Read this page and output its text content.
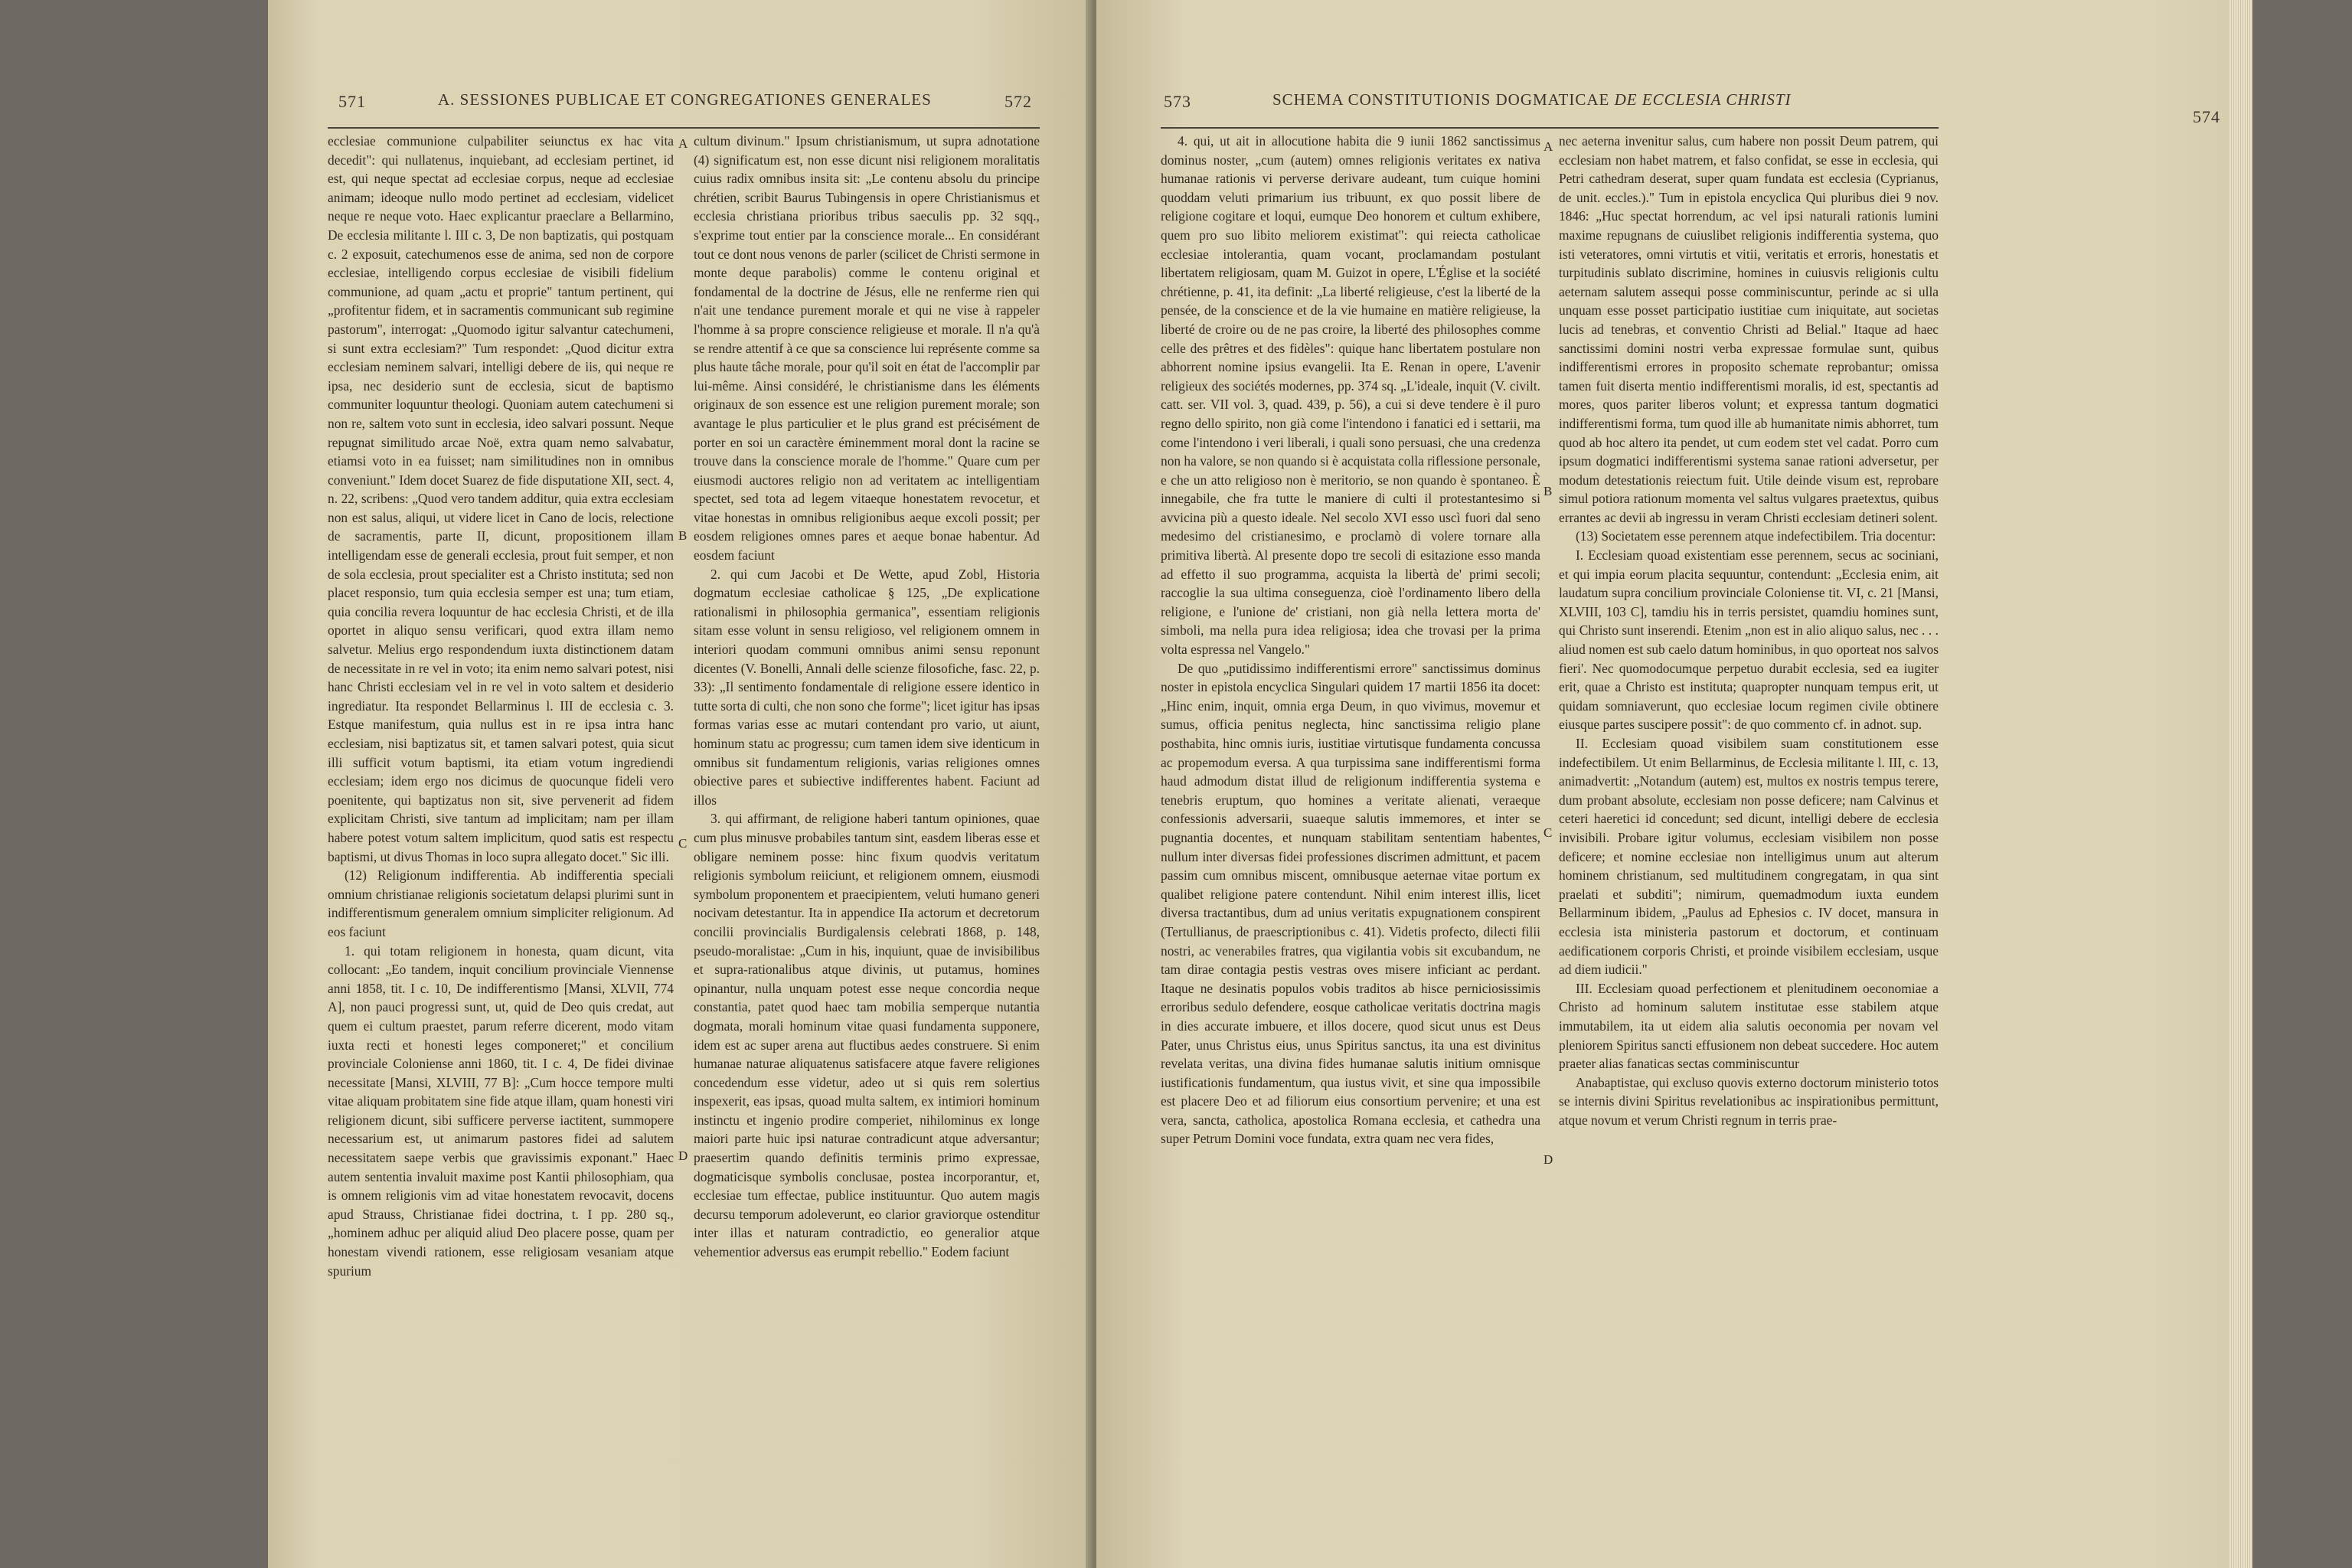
571	A. SESSIONES PUBLICAE ET CONGREGATIONES GENERALES	572

ecclesiae communione culpabiliter seiunctus ex hac vita decedit": qui nullatenus, inquiebant, ad ecclesiam pertinet, id est, qui neque spectat ad ecclesiae corpus, neque ad ecclesiae animam; ideoque nullo modo pertinet ad ecclesiam, videlicet neque re neque voto. Haec explicantur praeclare a Bellarmino, De ecclesia militante l. III c. 3, De non baptizatis, qui postquam c. 2 exposuit, catechumenos esse de anima, sed non de corpore ecclesiae, intelligendo corpus ecclesiae de visibili fidelium communione, ad quam „actu et proprie" tantum pertinent, qui „profitentur fidem, et in sacramentis communicant sub regimine pastorum", interrogat: „Quomodo igitur salvantur catechumeni, si sunt extra ecclesiam?" Tum respondet: „Quod dicitur extra ecclesiam neminem salvari, intelligi debere de iis, qui neque re ipsa, nec desiderio sunt de ecclesia, sicut de baptismo communiter loquuntur theologi. Quoniam autem catechumeni si non re, saltem voto sunt in ecclesia, ideo salvari possunt. Neque repugnat similitudo arcae Noë, extra quam nemo salvabatur, etiamsi voto in ea fuisset; nam similitudines non in omnibus conveniunt." Idem docet Suarez de fide disputatione XII, sect. 4, n. 22, scribens: „Quod vero tandem additur, quia extra ecclesiam non est salus, aliqui, ut videre licet in Cano de locis, relectione de sacramentis, parte II, dicunt, propositionem illam intelligendam esse de generali ecclesia, prout fuit semper, et non de sola ecclesia, prout specialiter est a Christo instituta; sed non placet responsio, tum quia ecclesia semper est una; tum etiam, quia concilia revera loquuntur de hac ecclesia Christi, et de illa oportet in aliquo sensu verificari, quod extra illam nemo salvetur. Melius ergo respondendum iuxta distinctionem datam de necessitate in re vel in voto; ita enim nemo salvari potest, nisi hanc Christi ecclesiam vel in re vel in voto saltem et desiderio ingrediatur. Ita respondet Bellarminus l. III de ecclesia c. 3. Estque manifestum, quia nullus est in re ipsa intra hanc ecclesiam, nisi baptizatus sit, et tamen salvari potest, quia sicut illi sufficit votum baptismi, ita etiam votum ingrediendi ecclesiam; idem ergo nos dicimus de quocunque fideli vero poenitente, qui baptizatus non sit, sive pervenerit ad fidem explicitam Christi, sive tantum ad implicitam; nam per illam habere potest votum saltem implicitum, quod satis est respectu baptismi, ut divus Thomas in loco supra allegato docet." Sic illi.

(12) Religionum indifferentia. Ab indifferentia speciali omnium christianae religionis societatum delapsi plurimi sunt in indifferentismum generalem omnium simpliciter religionum. Ad eos faciunt

1. qui totam religionem in honesta, quam dicunt, vita collocant: „Eo tandem, inquit concilium provinciale Viennense anni 1858, tit. I c. 10, De indifferentismo [Mansi, XLVII, 774 A], non pauci progressi sunt, ut, quid de Deo quis credat, aut quem ei cultum praestet, parum referre dicerent, modo vitam iuxta recti et honesti leges componeret;" et concilium provinciale Coloniense anni 1860, tit. I c. 4, De fidei divinae necessitate [Mansi, XLVIII, 77 B]: „Cum hocce tempore multi vitae aliquam probitatem sine fide atque illam, quam honesti viri religionem dicunt, sibi sufficere perverse iactitent, summopere necessarium est, ut animarum pastores fidei ad salutem necessitatem saepe verbis que gravissimis exponant." Haec autem sententia invaluit maxime post Kantii philosophiam, qua is omnem religionis vim ad vitae honestatem revocavit, docens apud Strauss, Christianae fidei doctrina, t. I pp. 280 sq., „hominem adhuc per aliquid aliud Deo placere posse, quam per honestam vivendi rationem, esse religiosam vesaniam atque spurium

A
B
C
D

cultum divinum." Ipsum christianismum, ut supra adnotatione (4) significatum est, non esse dicunt nisi religionem moralitatis cuius radix omnibus insita sit: „Le contenu absolu du principe chrétien, scribit Baurus Tubingensis in opere Christianismus et ecclesia christiana prioribus tribus saeculis pp. 32 sqq., s'exprime tout entier par la conscience morale... En considérant tout ce dont nous venons de parler (scilicet de Christi sermone in monte deque parabolis) comme le contenu original et fondamental de la doctrine de Jésus, elle ne renferme rien qui n'ait une tendance purement morale et qui ne vise à rappeler l'homme à sa propre conscience religieuse et morale. Il n'a qu'à se rendre attentif à ce que sa conscience lui représente comme sa plus haute tâche morale, pour qu'il soit en état de l'accomplir par lui-même. Ainsi considéré, le christianisme dans les éléments originaux de son essence est une religion purement morale; son avantage le plus particulier et le plus grand est précisément de porter en soi un caractère éminemment moral dont la racine se trouve dans la conscience morale de l'homme." Quare cum per eiusmodi auctores religio non ad veritatem ac intelligentiam spectet, sed tota ad legem vitaeque honestatem revocetur, et vitae honestas in omnibus religionibus aeque excoli possit; per eosdem religiones omnes pares et aeque bonae habentur. Ad eosdem faciunt

2. qui cum Jacobi et De Wette, apud Zobl, Historia dogmatum ecclesiae catholicae § 125, „De explicatione rationalismi in philosophia germanica", essentiam religionis sitam esse volunt in sensu religioso, vel religionem omnem in interiori quodam communi omnibus animi sensu reponunt dicentes (V. Bonelli, Annali delle scienze filosofiche, fasc. 22, p. 33): „Il sentimento fondamentale di religione essere identico in tutte sorta di culti, che non sono che forme"; licet igitur has ipsas formas varias esse ac mutari contendant pro vario, ut aiunt, hominum statu ac progressu; cum tamen idem sive identicum in omnibus sit fundamentum religionis, varias religiones omnes obiective pares et subiective indifferentes habent. Faciunt ad illos

3. qui affirmant, de religione haberi tantum opiniones, quae cum plus minusve probabiles tantum sint, easdem liberas esse et obligare neminem posse: hinc fixum quodvis veritatum religionis symbolum reiiciunt, et religionem omnem, eiusmodi symbolum proponentem et praecipientem, veluti humano generi nocivam detestantur. Ita in appendice IIa actorum et decretorum concilii provincialis Burdigalensis celebrati 1868, p. 148, pseudo-moralistae: „Cum in his, inquiunt, quae de invisibilibus et supra-rationalibus atque divinis, ut putamus, homines opinantur, nulla unquam potest esse neque concordia neque constantia, patet quod haec tam mobilia semperque nutantia dogmata, morali hominum vitae quasi fundamenta supponere, idem est ac super arena aut fluctibus aedes construere. Si enim humanae naturae aliquatenus satisfacere atque favere religiones concedendum esse videtur, adeo ut si quis rem solertius inspexerit, eas ipsas, quoad multa saltem, ex intimiori hominum instinctu et ingenio prodire comperiet, nihilominus ex longe maiori parte huic ipsi naturae contradicunt atque adversantur; praesertim quando definitis terminis primo expressae, dogmaticisque symbolis conclusae, postea incorporantur, et, ecclesiae tum effectae, publice instituuntur. Quo autem magis decursu temporum adoleverunt, eo clarior graviorque ostenditur inter illas et naturam contradictio, eo generalior atque vehementior adversus eas erumpit rebellio." Eodem faciunt

573	SCHEMA CONSTITUTIONIS DOGMATICAE DE ECCLESIA CHRISTI
574

4. qui, ut ait in allocutione habita die 9 iunii 1862 sanctissimus dominus noster, „cum (autem) omnes religionis veritates ex nativa humanae rationis vi perverse derivare audeant, tum cuique homini quoddam veluti primarium ius tribuunt, ex quo possit libere de religione cogitare et loqui, eumque Deo honorem et cultum exhibere, quem pro suo libito meliorem existimat": qui reiecta catholicae ecclesiae intolerantia, quam vocant, proclamandam postulant libertatem religiosam, quam M. Guizot in opere, L'Église et la société chrétienne, p. 41, ita definit: „La liberté religieuse, c'est la liberté de la pensée, de la conscience et de la vie humaine en matière religieuse, la liberté de croire ou de ne pas croire, la liberté des philosophes comme celle des prêtres et des fidèles": quique hanc libertatem postulare non abhorrent nomine ipsius evangelii. Ita E. Renan in opere, L'avenir religieux des sociétés modernes, pp. 374 sq. „L'ideale, inquit (V. civilt. catt. ser. VII vol. 3, quad. 439, p. 56), a cui si deve tendere è il puro regno dello spirito, non già come l'intendono i fanatici ed i settarii, ma come l'intendono i veri liberali, i quali sono persuasi, che una credenza non ha valore, se non quando si è acquistata colla riflessione personale, e che un atto religioso non è meritorio, se non quando è spontaneo. È innegabile, che fra tutte le maniere di culti il protestantesimo si avvicina più a questo ideale. Nel secolo XVI esso uscì fuori dal seno medesimo del cristianesimo, e proclamò di volere tornare alla primitiva libertà. Al presente dopo tre secoli di esitazione esso manda ad effetto il suo programma, acquista la libertà de' primi secoli; raccoglie la sua ultima conseguenza, cioè l'ordinamento libero della religione, e l'unione de' cristiani, non già nella lettera morta de' simboli, ma nella pura idea religiosa; idea che trovasi per la prima volta espressa nel Vangelo."

De quo „putidissimo indifferentismi errore" sanctissimus dominus noster in epistola encyclica Singulari quidem 17 martii 1856 ita docet: „Hinc enim, inquit, omnia erga Deum, in quo vivimus, movemur et sumus, officia penitus neglecta, hinc sanctissima religio plane posthabita, hinc omnis iuris, iustitiae virtutisque fundamenta concussa ac propemodum eversa. A qua turpissima sane indifferentismi forma haud admodum distat illud de religionum indifferentia systema e tenebris eruptum, quo homines a veritate alienati, veraeque confessionis adversarii, suaeque salutis immemores, et inter se pugnantia docentes, et nunquam stabilitam sententiam habentes, nullum inter diversas fidei professiones discrimen admittunt, et pacem passim cum omnibus miscent, omnibusque aeternae vitae portum ex qualibet religione patere contendunt. Nihil enim interest illis, licet diversa tractantibus, dum ad unius veritatis expugnationem conspirent (Tertullianus, de praescriptionibus c. 41). Videtis profecto, dilecti filii nostri, ac venerabiles fratres, qua vigilantia vobis sit excubandum, ne tam dirae contagia pestis vestras oves misere inficiant ac perdant. Itaque ne desinatis populos vobis traditos ab hisce perniciosissimis erroribus sedulo defendere, eosque catholicae veritatis doctrina magis in dies accurate imbuere, et illos docere, quod sicut unus est Deus Pater, unus Christus eius, unus Spiritus sanctus, ita una est divinitus revelata veritas, una divina fides humanae salutis initium omnisque iustificationis fundamentum, qua iustus vivit, et sine qua impossibile est placere Deo et ad filiorum eius consortium pervenire; et una est vera, sancta, catholica, apostolica Romana ecclesia, et cathedra una super Petrum Domini voce fundata, extra quam nec vera fides,

A
B
C
D

nec aeterna invenitur salus, cum habere non possit Deum patrem, qui ecclesiam non habet matrem, et falso confidat, se esse in ecclesia, qui Petri cathedram deserat, super quam fundata est ecclesia (Cyprianus, de unit. eccles.)." Tum in epistola encyclica Qui pluribus diei 9 nov. 1846: „Huc spectat horrendum, ac vel ipsi naturali rationis lumini maxime repugnans de cuiuslibet religionis indifferentia systema, quo isti veteratores, omni virtutis et vitii, veritatis et erroris, honestatis et turpitudinis sublato discrimine, homines in cuiusvis religionis cultu aeternam salutem assequi posse comminiscuntur, perinde ac si ulla unquam esse posset participatio iustitiae cum iniquitate, aut societas lucis ad tenebras, et conventio Christi ad Belial." Itaque ad haec sanctissimi domini nostri verba expressae formulae sunt, quibus indifferentismi errores in proposito schemate reprobantur; omissa tamen fuit diserta mentio indifferentismi moralis, id est, spectantis ad mores, quos pariter liberos volunt; et expressa tantum dogmatici indifferentismi forma, tum quod ille ab humanitate nimis abhorret, tum quod ab hoc altero ita pendet, ut cum eodem stet vel cadat. Porro cum ipsum dogmatici indifferentismi systema sanae rationi adversetur, per modum detestationis reiectum fuit. Utile deinde visum est, reprobare simul potiora rationum momenta vel saltus vulgares praetextus, quibus errantes ac devii ab ingressu in veram Christi ecclesiam detineri solent.

(13) Societatem esse perennem atque indefectibilem. Tria docentur:

I. Ecclesiam quoad existentiam esse perennem, secus ac sociniani, et qui impia eorum placita sequuntur, contendunt: „Ecclesia enim, ait laudatum supra concilium provinciale Coloniense tit. VI, c. 21 [Mansi, XLVIII, 103 C], tamdiu his in terris persistet, quamdiu homines sunt, qui Christo sunt inserendi. Etenim „non est in alio aliquo salus, nec . . . aliud nomen est sub caelo datum hominibus, in quo oporteat nos salvos fieri'. Nec quomodocumque perpetuo durabit ecclesia, sed ea iugiter erit, quae a Christo est instituta; quapropter nunquam tempus erit, ut quidam somniaverunt, quo ecclesiae locum regimen civile obtinere eiusque partes suscipere possit": de quo commento cf. in adnot. sup.

II. Ecclesiam quoad visibilem suam constitutionem esse indefectibilem. Ut enim Bellarminus, de Ecclesia militante l. III, c. 13, animadvertit: „Notandum (autem) est, multos ex nostris tempus terere, dum probant absolute, ecclesiam non posse deficere; nam Calvinus et ceteri haeretici id concedunt; sed dicunt, intelligi debere de ecclesia invisibili. Probare igitur volumus, ecclesiam visibilem non posse deficere; et nomine ecclesiae non intelligimus unum aut alterum hominem christianum, sed multitudinem congregatam, in qua sint praelati et subditi"; nimirum, quemadmodum iuxta eundem Bellarminum ibidem, „Paulus ad Ephesios c. IV docet, mansura in ecclesia ista ministeria pastorum et doctorum, et continuam aedificationem corporis Christi, et proinde visibilem ecclesiam, usque ad diem iudicii."

III. Ecclesiam quoad perfectionem et plenitudinem oeconomiae a Christo ad hominum salutem institutae esse stabilem atque immutabilem, ita ut eidem alia salutis oeconomia per novam vel pleniorem Spiritus sancti effusionem non debeat succedere. Hoc autem praeter alias fanaticas sectas comminiscuntur

Anabaptistae, qui excluso quovis externo doctorum ministerio totos se internis divini Spiritus revelationibus ac inspirationibus permittunt, atque novum et verum Christi regnum in terris prae-
